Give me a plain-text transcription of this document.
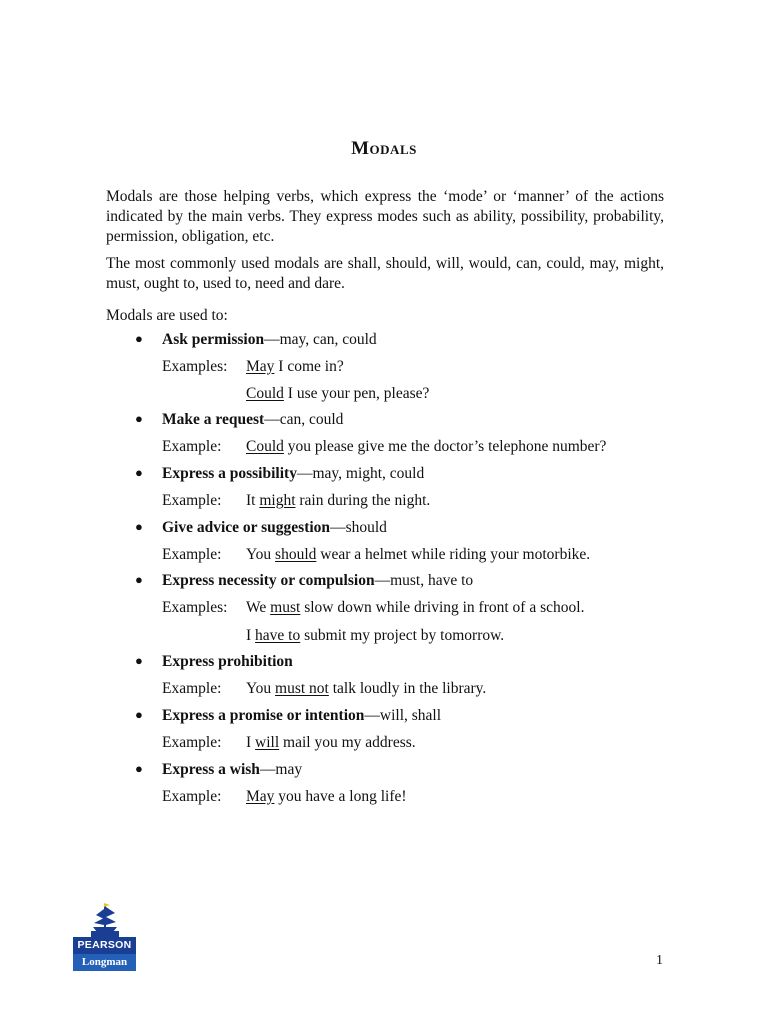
Modals
Modals are those helping verbs, which express the ‘mode’ or ‘manner’ of the actions indicated by the main verbs. They express modes such as ability, possibility, probability, permission, obligation, etc.
The most commonly used modals are shall, should, will, would, can, could, may, might, must, ought to, used to, need and dare.
Modals are used to:
● Ask permission—may, can, could
Examples: May I come in?
Could I use your pen, please?
● Make a request—can, could
Example: Could you please give me the doctor’s telephone number?
● Express a possibility—may, might, could
Example: It might rain during the night.
● Give advice or suggestion—should
Example: You should wear a helmet while riding your motorbike.
● Express necessity or compulsion—must, have to
Examples: We must slow down while driving in front of a school.
I have to submit my project by tomorrow.
● Express prohibition
Example: You must not talk loudly in the library.
● Express a promise or intention—will, shall
Example: I will mail you my address.
● Express a wish—may
Example: May you have a long life!
PEARSON
Longman	1
